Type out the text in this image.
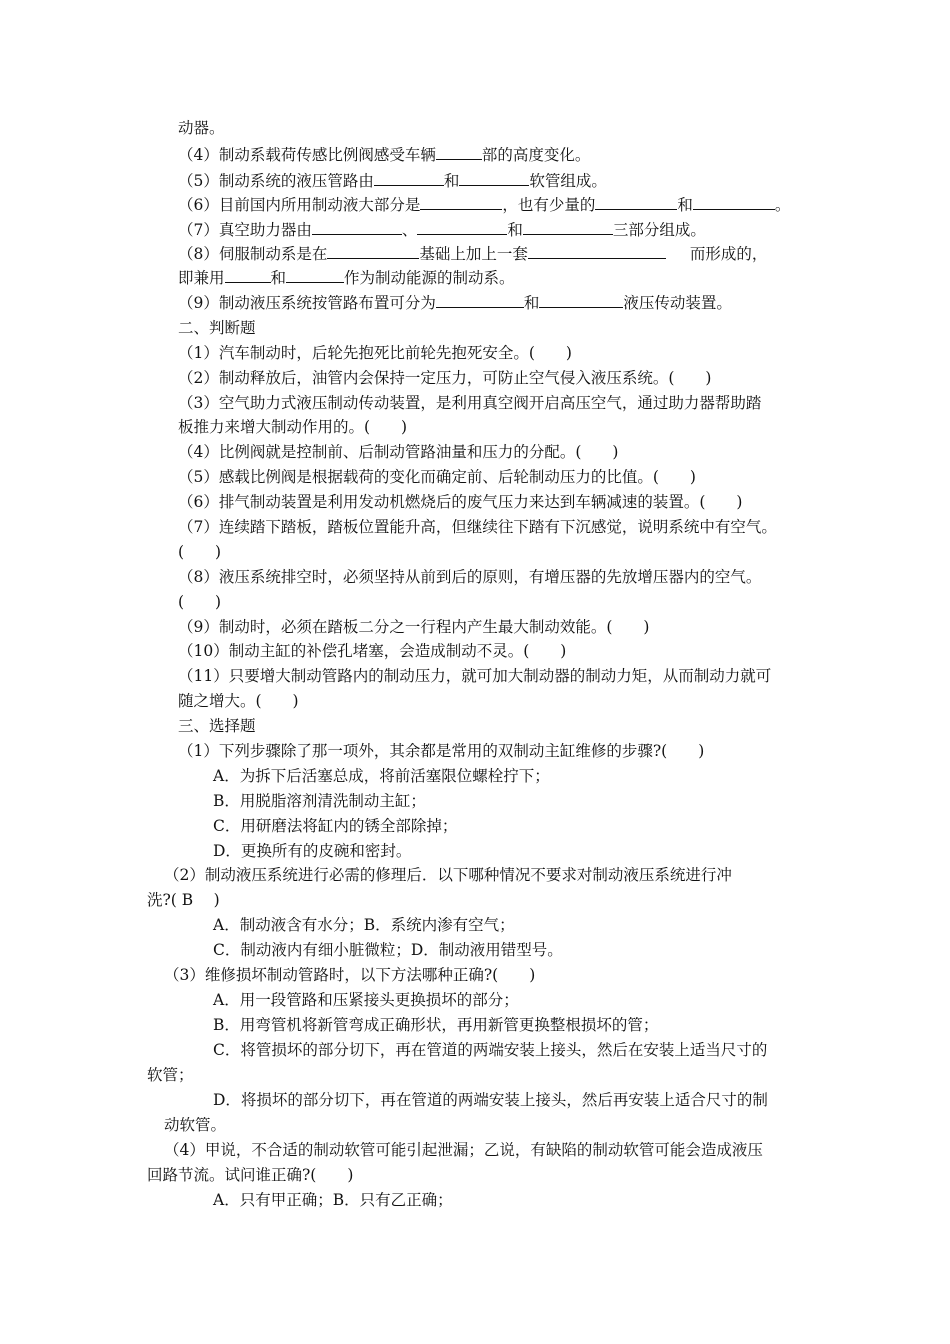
动器。
（4）制动系载荷传感比例阀感受车辆	部的高度变化。
（5）制动系统的液压管路由	和	软管组成。
（6）目前国内所用制动液大部分是	，也有少量的	和	。
（7）真空助力器由	、	和	三部分组成。
（8）伺服制动系是在	基础上加上一套	而形成的，
即兼用	和	作为制动能源的制动系。
（9）制动液压系统按管路布置可分为	和	液压传动装置。
二、判断题
（1）汽车制动时，后轮先抱死比前轮先抱死安全。(　　)
（2）制动释放后，油管内会保持一定压力，可防止空气侵入液压系统。(　　)
（3）空气助力式液压制动传动装置，是利用真空阀开启高压空气，通过助力器帮助踏
板推力来增大制动作用的。(　　)
（4）比例阀就是控制前、后制动管路油量和压力的分配。(　　)
（5）感载比例阀是根据载荷的变化而确定前、后轮制动压力的比值。(　　)
（6）排气制动装置是利用发动机燃烧后的废气压力来达到车辆减速的装置。(　　)
（7）连续踏下踏板，踏板位置能升高，但继续往下踏有下沉感觉，说明系统中有空气。
(　　)
（8）液压系统排空时，必须坚持从前到后的原则，有增压器的先放增压器内的空气。
(　　)
（9）制动时，必须在踏板二分之一行程内产生最大制动效能。(　　)
（10）制动主缸的补偿孔堵塞，会造成制动不灵。(　　)
（11）只要增大制动管路内的制动压力，就可加大制动器的制动力矩，从而制动力就可
随之增大。(　　)
三、选择题
（1）下列步骤除了那一项外，其余都是常用的双制动主缸维修的步骤?(　　)
A．为拆下后活塞总成，将前活塞限位螺栓拧下；
B．用脱脂溶剂清洗制动主缸；
C．用研磨法将缸内的锈全部除掉；
D．更换所有的皮碗和密封。
（2）制动液压系统进行必需的修理后．以下哪种情况不要求对制动液压系统进行冲
洗?( B　 )
A．制动液含有水分；B．系统内渗有空气；
C．制动液内有细小脏微粒；D．制动液用错型号。
（3）维修损坏制动管路时，以下方法哪种正确?(　　)
A．用一段管路和压紧接头更换损坏的部分；
B．用弯管机将新管弯成正确形状，再用新管更换整根损坏的管；
C．将管损坏的部分切下，再在管道的两端安装上接头，然后在安装上适当尺寸的
软管；
D．将损坏的部分切下，再在管道的两端安装上接头，然后再安装上适合尺寸的制
动软管。
（4）甲说，不合适的制动软管可能引起泄漏；乙说，有缺陷的制动软管可能会造成液压
回路节流。试问谁正确?(　　)
A．只有甲正确；B．只有乙正确；
